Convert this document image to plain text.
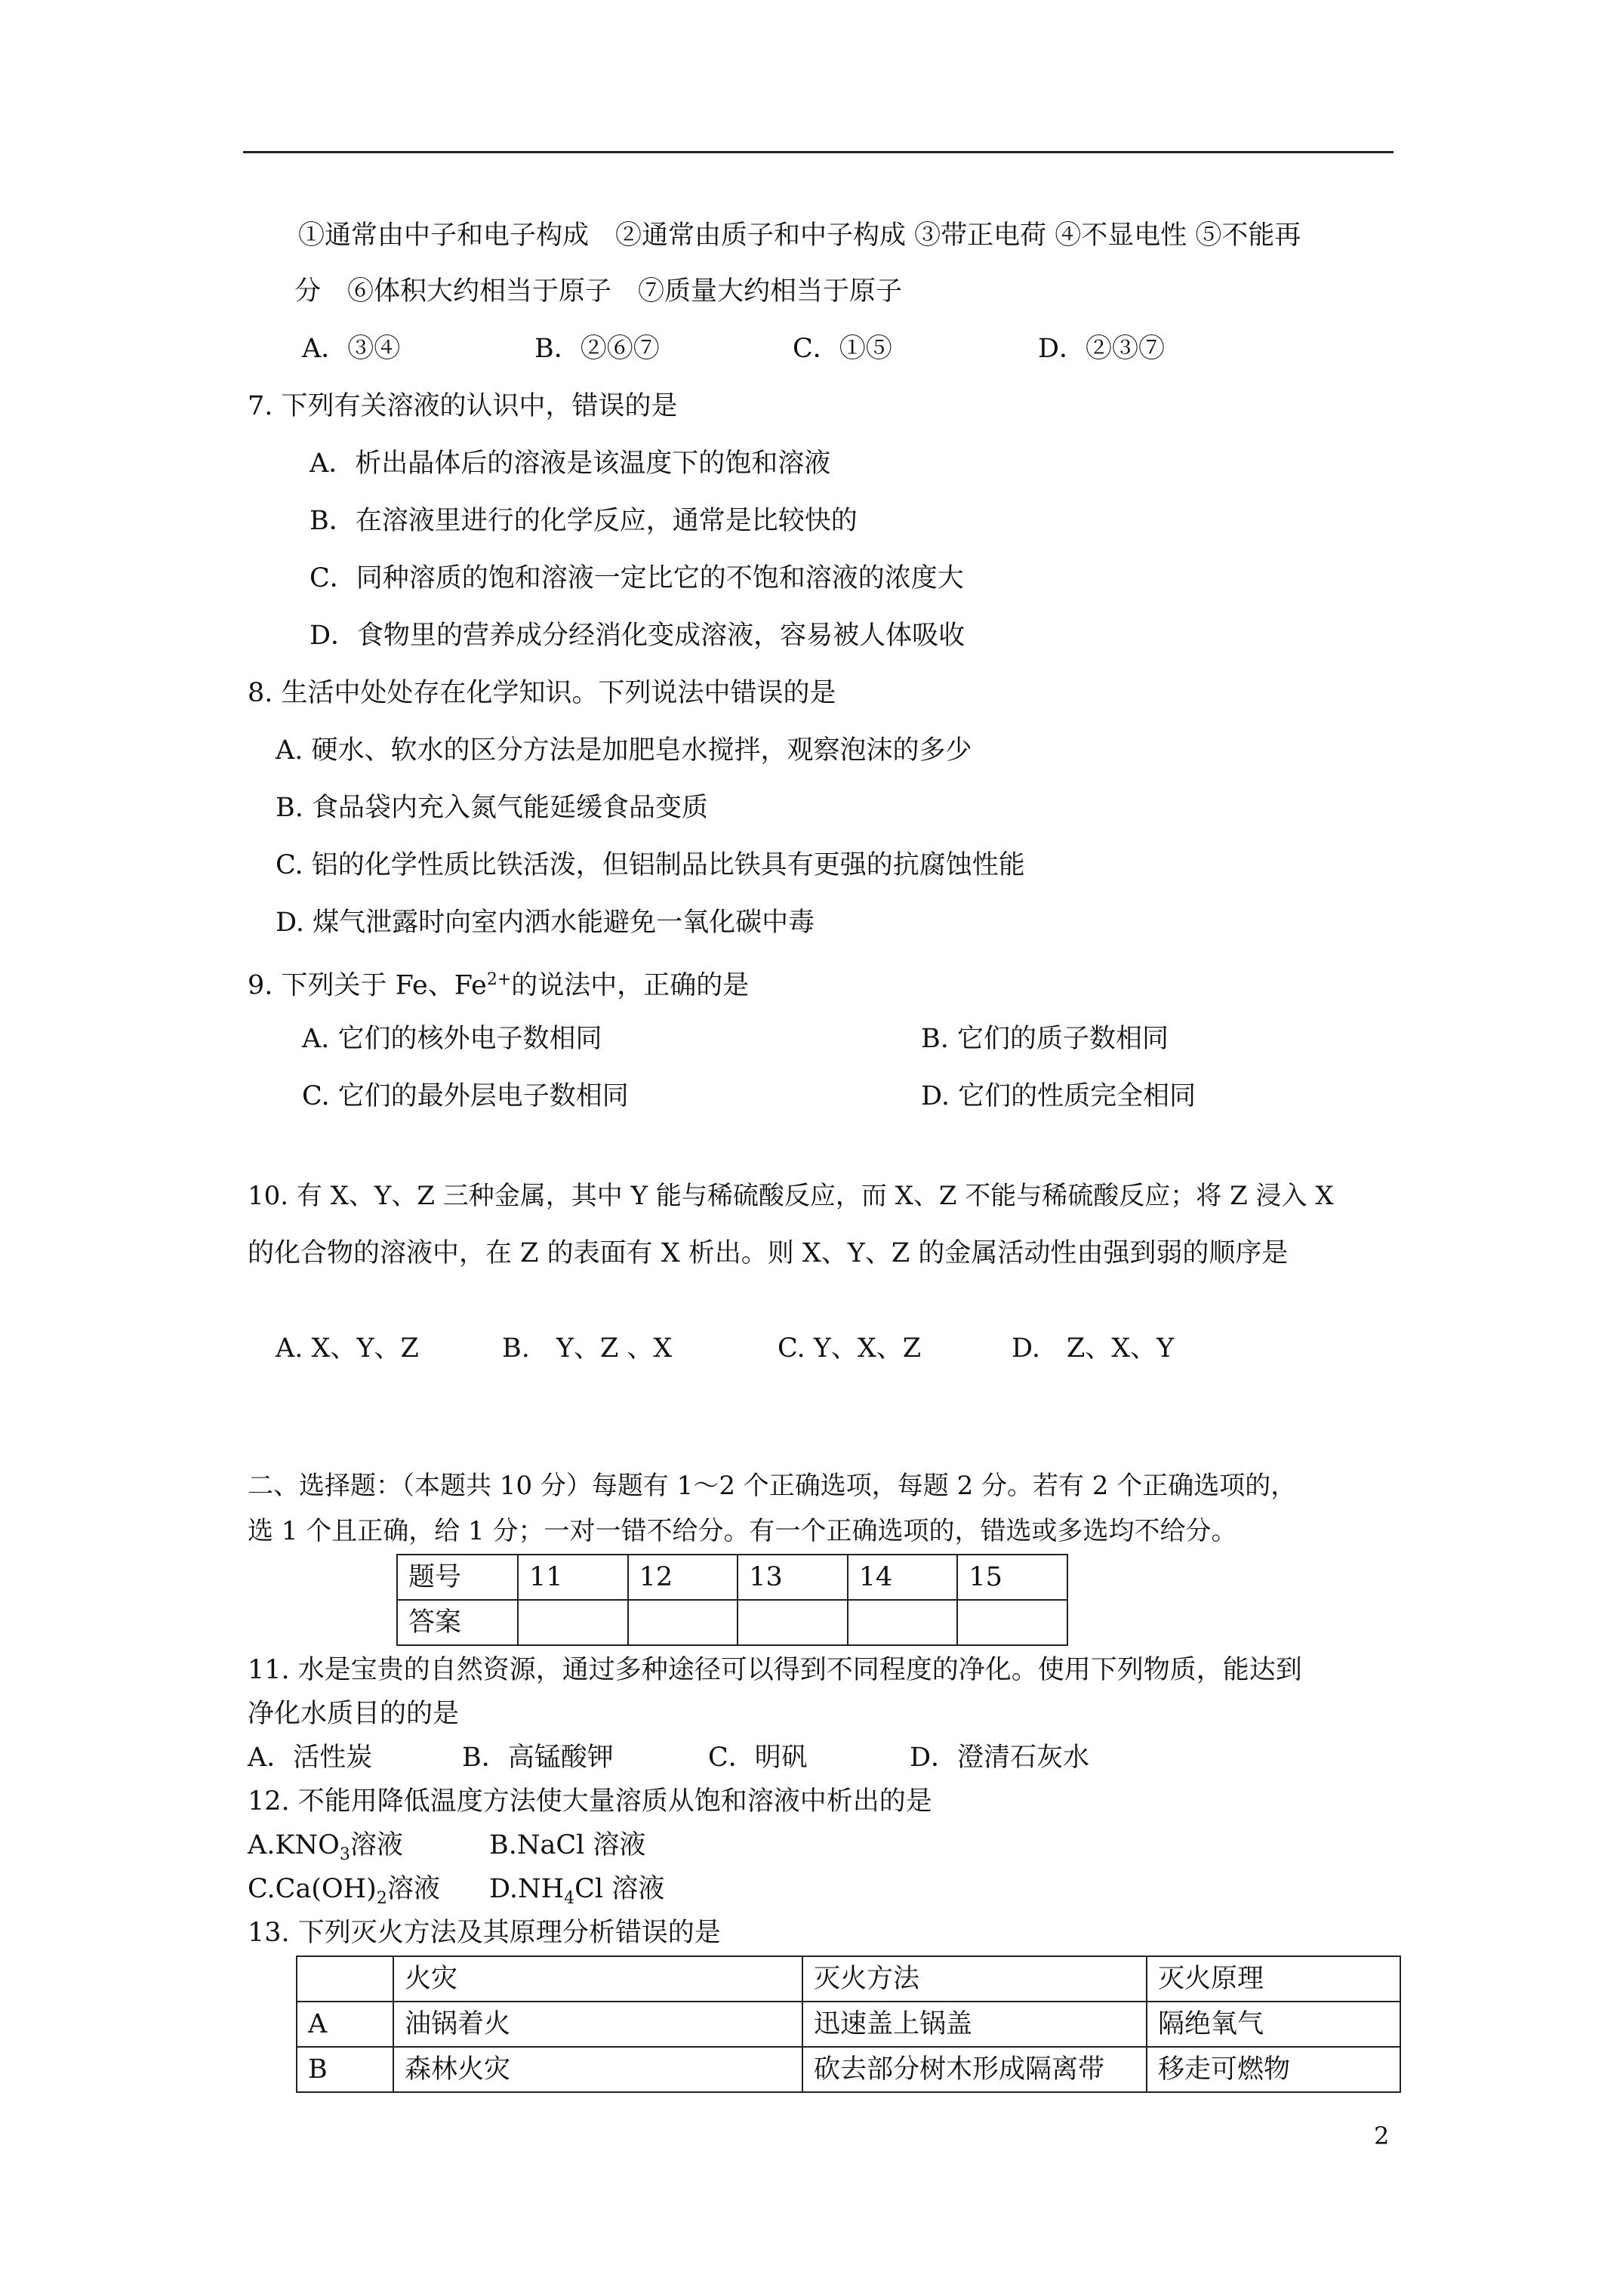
①通常由中子和电子构成　②通常由质子和中子构成 ③带正电荷 ④不显电性 ⑤不能再
分　⑥体积大约相当于原子　⑦质量大约相当于原子
A．③④	B．②⑥⑦	C．①⑤	D．②③⑦
7. 下列有关溶液的认识中，错误的是
A．析出晶体后的溶液是该温度下的饱和溶液
B．在溶液里进行的化学反应，通常是比较快的
C．同种溶质的饱和溶液一定比它的不饱和溶液的浓度大
D．食物里的营养成分经消化变成溶液，容易被人体吸收
8. 生活中处处存在化学知识。下列说法中错误的是
A. 硬水、软水的区分方法是加肥皂水搅拌，观察泡沫的多少
B. 食品袋内充入氮气能延缓食品变质
C. 铝的化学性质比铁活泼，但铝制品比铁具有更强的抗腐蚀性能
D. 煤气泄露时向室内洒水能避免一氧化碳中毒
9. 下列关于 Fe、$Fe^{2+}$的说法中，正确的是
A. 它们的核外电子数相同	B. 它们的质子数相同
C. 它们的最外层电子数相同	D. 它们的性质完全相同
10. 有 X、Y、Z 三种金属，其中 Y 能与稀硫酸反应，而 X、Z 不能与稀硫酸反应；将 Z 浸入 X
的化合物的溶液中，在 Z 的表面有 X 析出。则 X、Y、Z 的金属活动性由强到弱的顺序是
A. X、Y、Z	B.　Y、Z 、X	C. Y、X、Z	D.　Z、X、Y
二、选择题：（本题共 10 分）每题有 1～2 个正确选项，每题 2 分。若有 2 个正确选项的，
选 1 个且正确，给 1 分；一对一错不给分。有一个正确选项的，错选或多选均不给分。
题号	11	12	13	14	15
答案					
11. 水是宝贵的自然资源，通过多种途径可以得到不同程度的净化。使用下列物质，能达到
净化水质目的的是
A．活性炭	B．高锰酸钾	C．明矾	D．澄清石灰水
12. 不能用降低温度方法使大量溶质从饱和溶液中析出的是
$A.KNO_3$溶液	B.NaCl 溶液
$C.Ca(OH)_2$溶液 $D.NH_4Cl$ 溶液
13. 下列灭火方法及其原理分析错误的是
	火灾	灭火方法	灭火原理
A	油锅着火	迅速盖上锅盖	隔绝氧气
B	森林火灾	砍去部分树木形成隔离带	移走可燃物
2
